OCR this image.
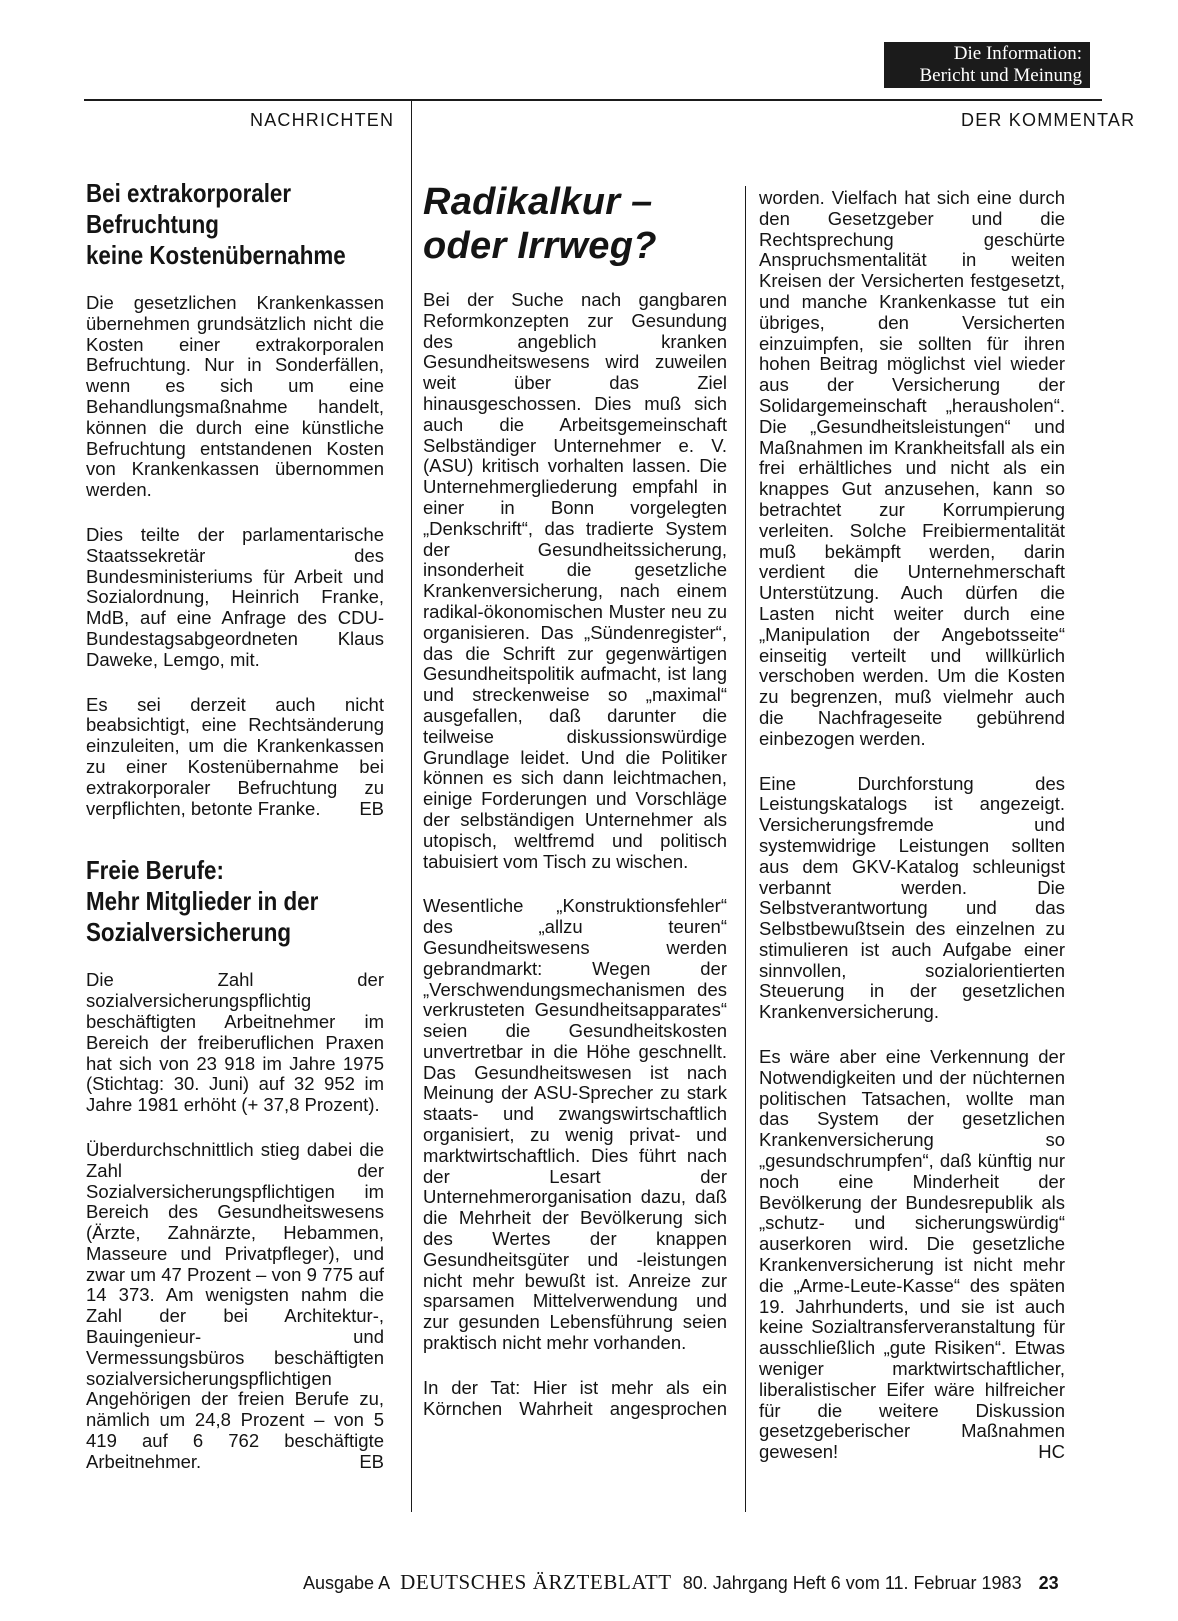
Die Information:
Bericht und Meinung
NACHRICHTEN	DER KOMMENTAR
Bei extrakorporaler
Befruchtung
keine Kostenübernahme

Die gesetzlichen Krankenkassen übernehmen grundsätzlich nicht die Kosten einer extrakorporalen Befruchtung. Nur in Sonderfällen, wenn es sich um eine Behandlungsmaßnahme handelt, können die durch eine künstliche Befruchtung entstandenen Kosten von Krankenkassen übernommen werden.

Dies teilte der parlamentarische Staatssekretär des Bundesministeriums für Arbeit und Sozialordnung, Heinrich Franke, MdB, auf eine Anfrage des CDU-Bundestagsabgeordneten Klaus Daweke, Lemgo, mit.

Es sei derzeit auch nicht beabsichtigt, eine Rechtsänderung einzuleiten, um die Krankenkassen zu einer Kostenübernahme bei extrakorporaler Befruchtung zu verpflichten, betonte Franke. EB

Freie Berufe:
Mehr Mitglieder in der
Sozialversicherung

Die Zahl der sozialversicherungspflichtig beschäftigten Arbeitnehmer im Bereich der freiberuflichen Praxen hat sich von 23 918 im Jahre 1975 (Stichtag: 30. Juni) auf 32 952 im Jahre 1981 erhöht (+ 37,8 Prozent).

Überdurchschnittlich stieg dabei die Zahl der Sozialversicherungspflichtigen im Bereich des Gesundheitswesens (Ärzte, Zahnärzte, Hebammen, Masseure und Privatpfleger), und zwar um 47 Prozent – von 9 775 auf 14 373. Am wenigsten nahm die Zahl der bei Architektur-, Bauingenieur- und Vermessungsbüros beschäftigten sozialversicherungspflichtigen Angehörigen der freien Berufe zu, nämlich um 24,8 Prozent – von 5 419 auf 6 762 beschäftigte Arbeitnehmer.	EB

Radikalkur –
oder Irrweg?

Bei der Suche nach gangbaren Reformkonzepten zur Gesundung des angeblich kranken Gesundheitswesens wird zuweilen weit über das Ziel hinausgeschossen. Dies muß sich auch die Arbeitsgemeinschaft Selbständiger Unternehmer e. V. (ASU) kritisch vorhalten lassen. Die Unternehmergliederung empfahl in einer in Bonn vorgelegten „Denkschrift“, das tradierte System der Gesundheitssicherung, insonderheit die gesetzliche Krankenversicherung, nach einem radikal-ökonomischen Muster neu zu organisieren. Das „Sündenregister“, das die Schrift zur gegenwärtigen Gesundheitspolitik aufmacht, ist lang und streckenweise so „maximal“ ausgefallen, daß darunter die teilweise diskussionswürdige Grundlage leidet. Und die Politiker können es sich dann leichtmachen, einige Forderungen und Vorschläge der selbständigen Unternehmer als utopisch, weltfremd und politisch tabuisiert vom Tisch zu wischen.

Wesentliche „Konstruktionsfehler“ des „allzu teuren“ Gesundheitswesens werden gebrandmarkt: Wegen der „Verschwendungsmechanismen des verkrusteten Gesundheitsapparates“ seien die Gesundheitskosten unvertretbar in die Höhe geschnellt. Das Gesundheitswesen ist nach Meinung der ASU-Sprecher zu stark staats- und zwangswirtschaftlich organisiert, zu wenig privat- und marktwirtschaftlich. Dies führt nach der Lesart der Unternehmerorganisation dazu, daß die Mehrheit der Bevölkerung sich des Wertes der knappen Gesundheitsgüter und -leistungen nicht mehr bewußt ist. Anreize zur sparsamen Mittelverwendung und zur gesunden Lebensführung seien praktisch nicht mehr vorhanden.

In der Tat: Hier ist mehr als ein Körnchen Wahrheit angesprochen

worden. Vielfach hat sich eine durch den Gesetzgeber und die Rechtsprechung geschürte Anspruchsmentalität in weiten Kreisen der Versicherten festgesetzt, und manche Krankenkasse tut ein übriges, den Versicherten einzuimpfen, sie sollten für ihren hohen Beitrag möglichst viel wieder aus der Versicherung der Solidargemeinschaft „herausholen“. Die „Gesundheitsleistungen“ und Maßnahmen im Krankheitsfall als ein frei erhältliches und nicht als ein knappes Gut anzusehen, kann so betrachtet zur Korrumpierung verleiten. Solche Freibiermentalität muß bekämpft werden, darin verdient die Unternehmerschaft Unterstützung. Auch dürfen die Lasten nicht weiter durch eine „Manipulation der Angebotsseite“ einseitig verteilt und willkürlich verschoben werden. Um die Kosten zu begrenzen, muß vielmehr auch die Nachfrageseite gebührend einbezogen werden.

Eine Durchforstung des Leistungskatalogs ist angezeigt. Versicherungsfremde und systemwidrige Leistungen sollten aus dem GKV-Katalog schleunigst verbannt werden. Die Selbstverantwortung und das Selbstbewußtsein des einzelnen zu stimulieren ist auch Aufgabe einer sinnvollen, sozialorientierten Steuerung in der gesetzlichen Krankenversicherung.

Es wäre aber eine Verkennung der Notwendigkeiten und der nüchternen politischen Tatsachen, wollte man das System der gesetzlichen Krankenversicherung so „gesundschrumpfen“, daß künftig nur noch eine Minderheit der Bevölkerung der Bundesrepublik als „schutz- und sicherungswürdig“ auserkoren wird. Die gesetzliche Krankenversicherung ist nicht mehr die „Arme-Leute-Kasse“ des späten 19. Jahrhunderts, und sie ist auch keine Sozialtransferveranstaltung für ausschließlich „gute Risiken“. Etwas weniger marktwirtschaftlicher, liberalistischer Eifer wäre hilfreicher für die weitere Diskussion gesetzgeberischer Maßnahmen gewesen!	HC

Ausgabe A DEUTSCHES ÄRZTEBLATT 80. Jahrgang Heft 6 vom 11. Februar 1983 23
